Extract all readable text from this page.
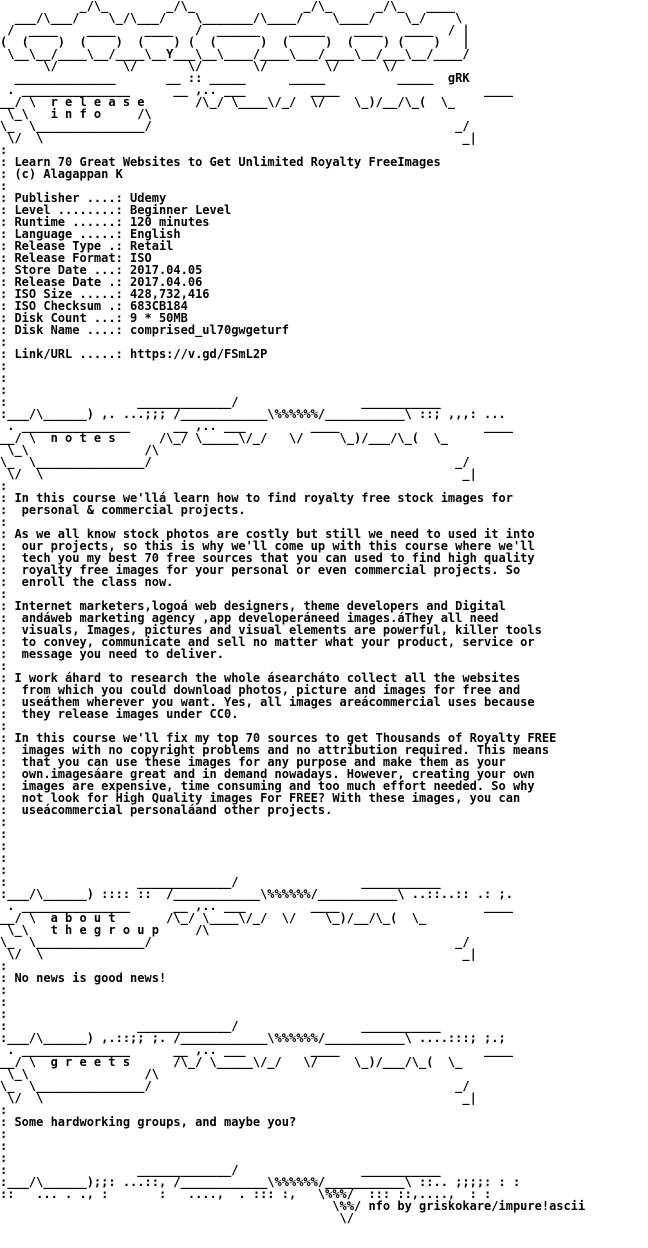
_/\_        _/\_               _/\_      _/\_   ____
___/\___/    \_/\___/    \_______/\____/    \____/    \_/    \
/  ____    ____    ____   /  ______    _____    ____   ____  / |
(  (    )  (    )  (    ) (  (      )  (     )  (    ) (    )   |
\__\__/____\__/____\__Y___\__\____/____\___/____\__/___\__/____/
\/         \/       \/       \/        \/      \/
______________       __ :: _____      _____          _____  gRK
. _______________      __ ,.. ___         ____                    ____
__/ \  r e l e a s e       /\_/ \____\/_/  \/    \_)/__/\_(  \_
\_\   i n f o     /\
\_  \_______________/                                          _/
\/  \                                                          _|
:
: Learn 70 Great Websites to Get Unlimited Royalty FreeImages
: (c) Alagappan K
:
: Publisher ....: Udemy
: Level ........: Beginner Level
: Runtime ......: 120 minutes
: Language .....: English
: Release Type .: Retail
: Release Format: ISO
: Store Date ...: 2017.04.05
: Release Date .: 2017.04.06
: ISO Size .....: 428,732,416
: ISO Checksum .: 683CB184
: Disk Count ...: 9 * 50MB
: Disk Name ....: comprised_ul70gwgeturf
:
: Link/URL .....: https://v.gd/FSmL2P
:
:
:
:                  _____________/                 ___________
:___/\______) ,. ...;;; /____________\%%%%%%/___________\ ::; ,,,: ...
. _______________      __ ,.. ___         ____                    ____
__/ \  n o t e s      /\_/ \_____\/_/   \/     \_)/___/\_(  \_
\_\                /\
\_  \_______________/                                          _/
\/  \                                                          _|
:
: In this course we'llá learn how to find royalty free stock images for
:  personal & commercial projects.
:
: As we all know stock photos are costly but still we need to used it into
:  our projects, so this is why we'll come up with this course where we'll
:  tech you my best 70 free sources that you can used to find high quality
:  royalty free images for your personal or even commercial projects. So
:  enroll the class now.
:
: Internet marketers,logoá web designers, theme developers and Digital
:  andáweb marketing agency ,app developeráneed images.áThey all need
:  visuals, Images, pictures and visual elements are powerful, killer tools
:  to convey, communicate and sell no matter what your product, service or
:  message you need to deliver.
:
: I work áhard to research the whole ásearcháto collect all the websites
:  from which you could download photos, picture and images for free and
:  useáthem wherever you want. Yes, all images areácommercial uses because
:  they release images under CC0.
:
: In this course we'll fix my top 70 sources to get Thousands of Royalty FREE
:  images with no copyright problems and no attribution required. This means
:  that you can use these images for any purpose and make them as your
:  own.imagesáare great and in demand nowadays. However, creating your own
:  images are expensive, time consuming and too much effort needed. So why
:  not look for High Quality images For FREE? With these images, you can
:  useácommercial personaláand other projects.
:
:
:
:
:
:                  _____________/                 ___________
:___/\______) :::: ::  /____________\%%%%%%/___________\ ..::..:: .: ;.
. _______________      __ ,.. ___         ____                    ____
__/ \  a b o u t       /\_/ \____\/_/  \/    \_)/__/\_(  \_
\_\   t h e g r o u p     /\
\_  \_______________/                                          _/
\/  \                                                          _|
:
: No news is good news!
:
:
:
:                  _____________/                 ___________
:___/\______) ,.::;; ;. /____________\%%%%%%/___________\ ....:::; ;.;
. _______________      __ ,.. ___         ____                    ____
__/ \  g r e e t s      /\_/ \_____\/_/   \/     \_)/___/\_(  \_
\_\                /\
\_  \_______________/                                          _/
\/  \                                                          _|
:
: Some hardworking groups, and maybe you?
:
:
:
:                  _____________/                 ___________
:___/\______);;: ...::, /____________\%%%%%%/___________\ ::.. ;;;;: : :
::   ... . ., :       :   ....,  . ::: :,   \%%%/  ::: ::,....,  : :
\%%/ nfo by griskokare/impure!ascii
\/
